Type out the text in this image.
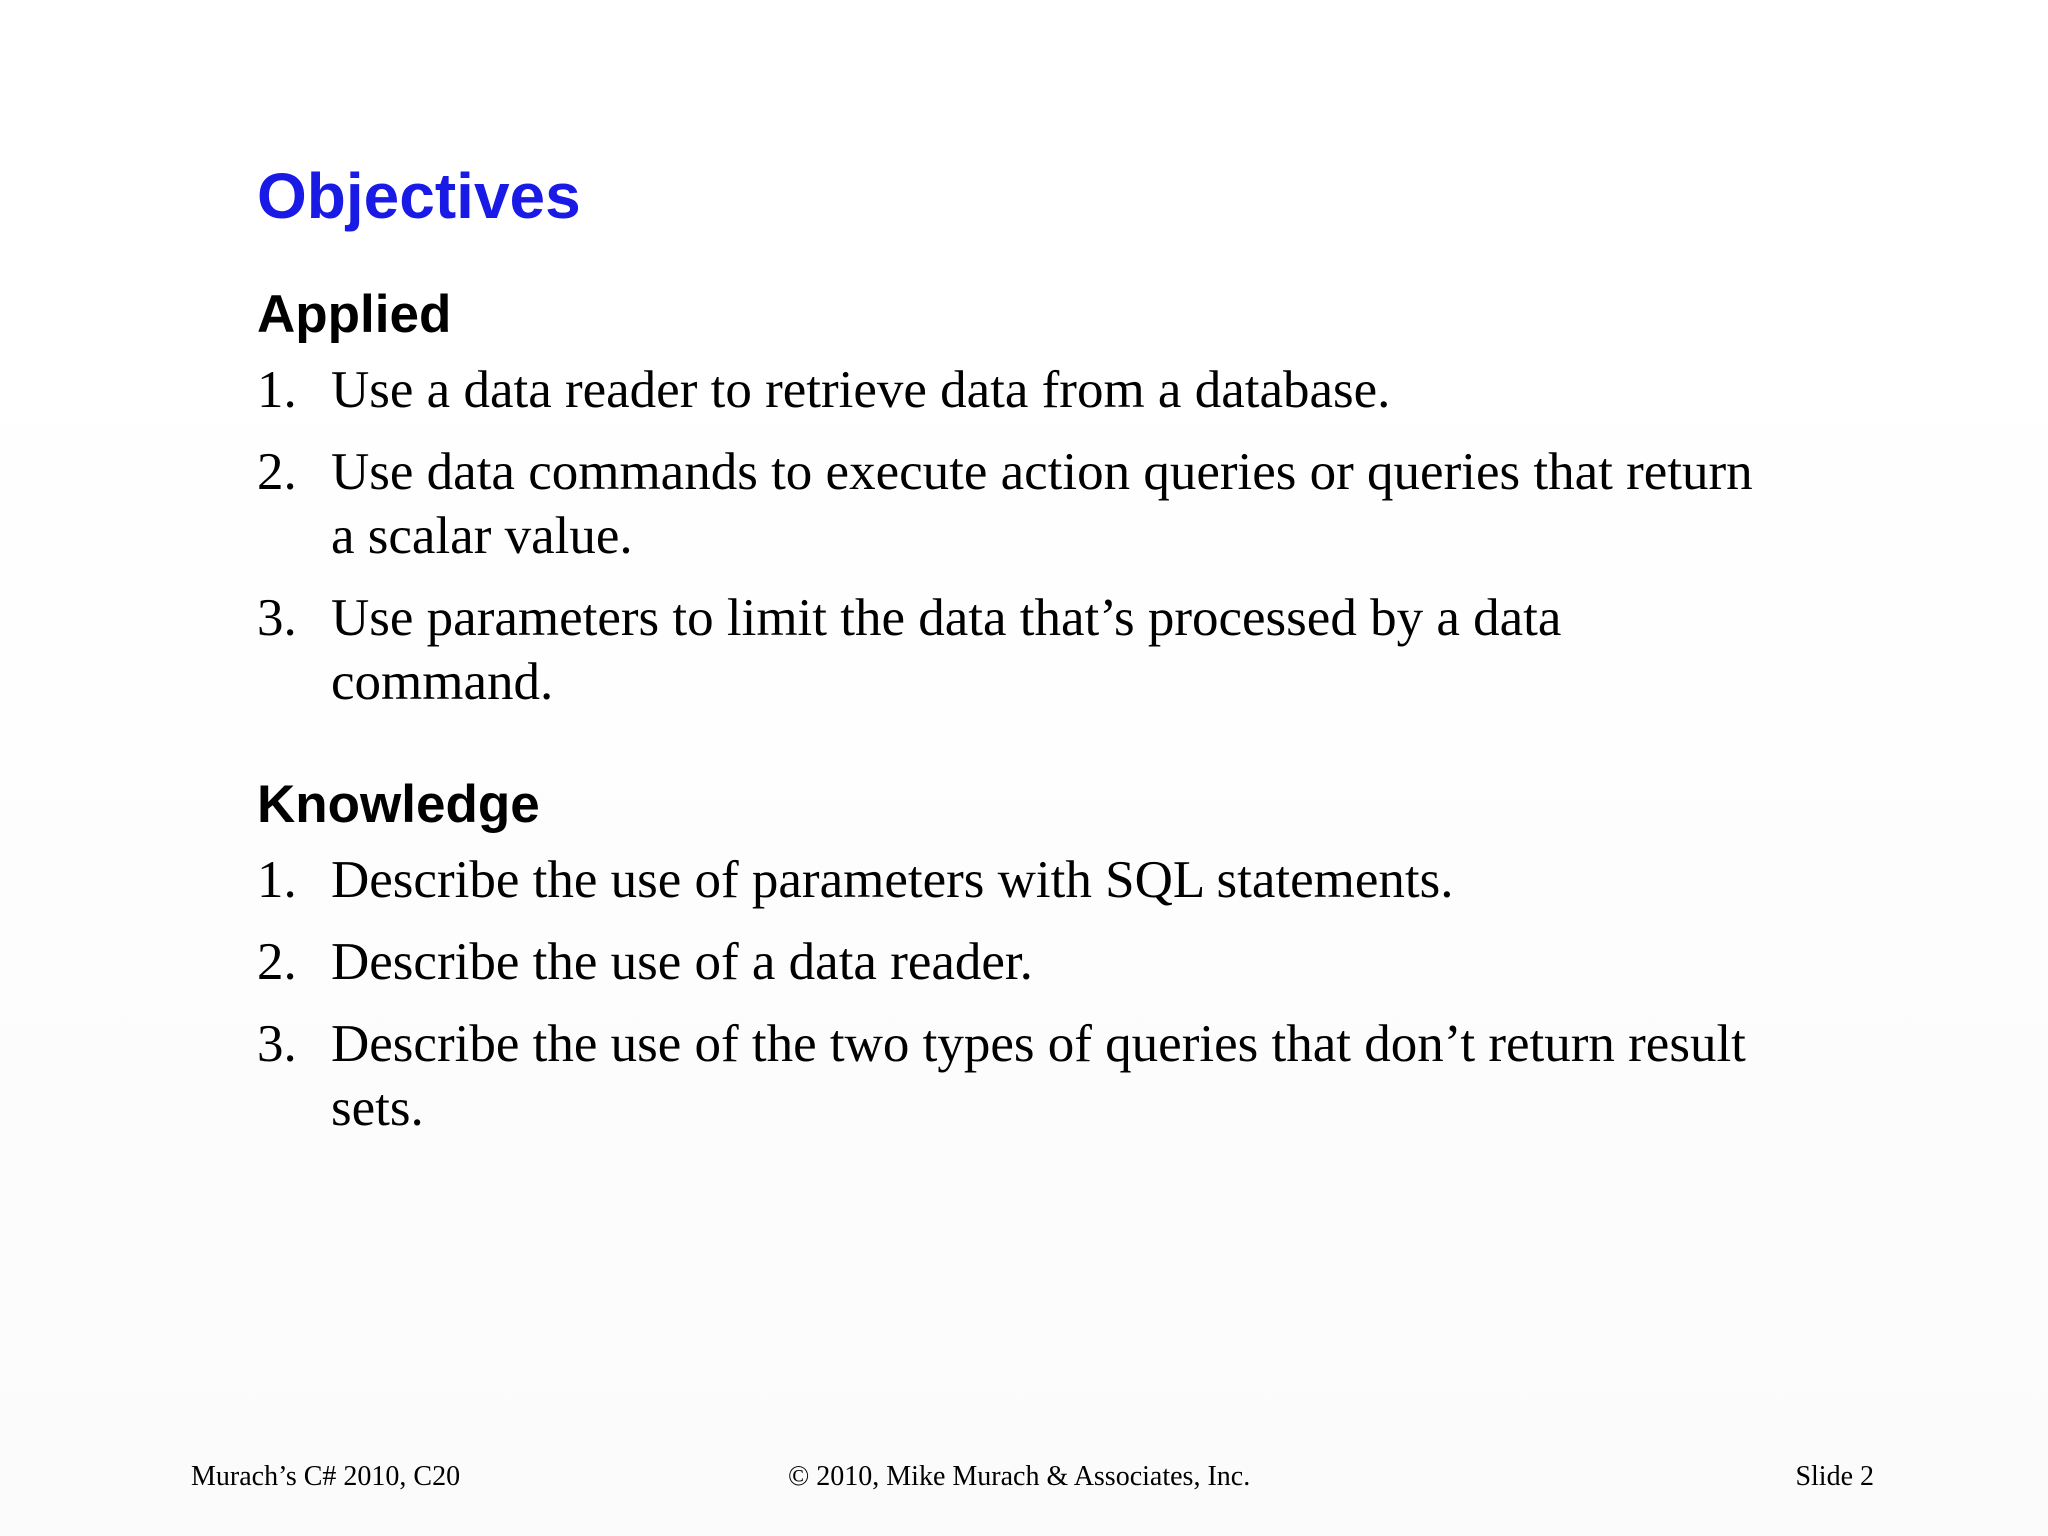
Objectives
Applied
1. Use a data reader to retrieve data from a database.
2. Use data commands to execute action queries or queries that return a scalar value.
3. Use parameters to limit the data that’s processed by a data command.
Knowledge
1. Describe the use of parameters with SQL statements.
2. Describe the use of a data reader.
3. Describe the use of the two types of queries that don’t return result sets.
Murach’s C# 2010, C20	© 2010, Mike Murach & Associates, Inc.	Slide 2
